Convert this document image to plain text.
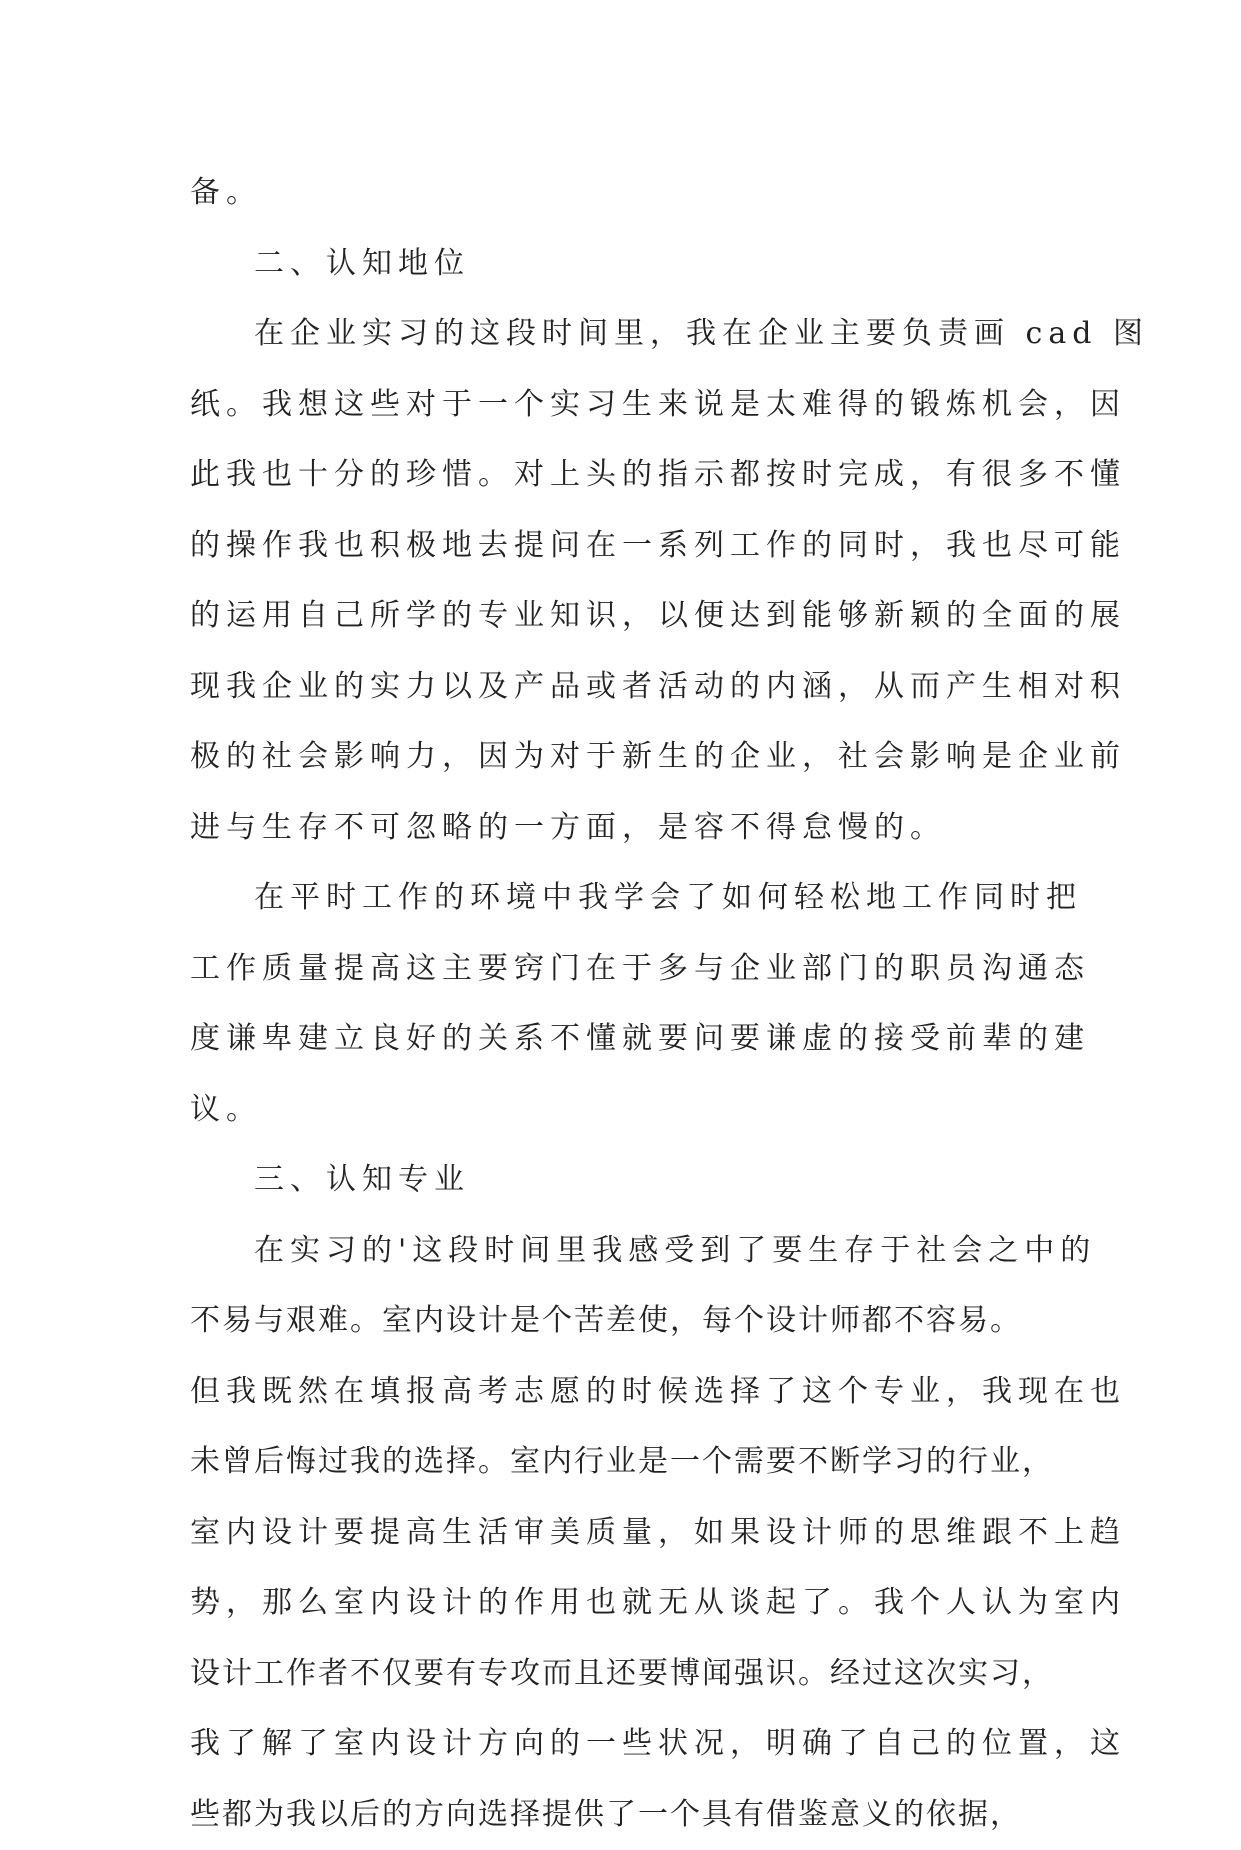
备。
二、认知地位
在企业实习的这段时间里，我在企业主要负责画 cad 图
纸。我想这些对于一个实习生来说是太难得的锻炼机会，因
此我也十分的珍惜。对上头的指示都按时完成，有很多不懂
的操作我也积极地去提问在一系列工作的同时，我也尽可能
的运用自己所学的专业知识，以便达到能够新颖的全面的展
现我企业的实力以及产品或者活动的内涵，从而产生相对积
极的社会影响力，因为对于新生的企业，社会影响是企业前
进与生存不可忽略的一方面，是容不得怠慢的。
在平时工作的环境中我学会了如何轻松地工作同时把
工作质量提高这主要窍门在于多与企业部门的职员沟通态
度谦卑建立良好的关系不懂就要问要谦虚的接受前辈的建
议。
三、认知专业
在实习的'这段时间里我感受到了要生存于社会之中的
不易与艰难。室内设计是个苦差使，每个设计师都不容易。
但我既然在填报高考志愿的时候选择了这个专业，我现在也
未曾后悔过我的选择。室内行业是一个需要不断学习的行业，
室内设计要提高生活审美质量，如果设计师的思维跟不上趋
势，那么室内设计的作用也就无从谈起了。我个人认为室内
设计工作者不仅要有专攻而且还要博闻强识。经过这次实习，
我了解了室内设计方向的一些状况，明确了自己的位置，这
些都为我以后的方向选择提供了一个具有借鉴意义的依据，
